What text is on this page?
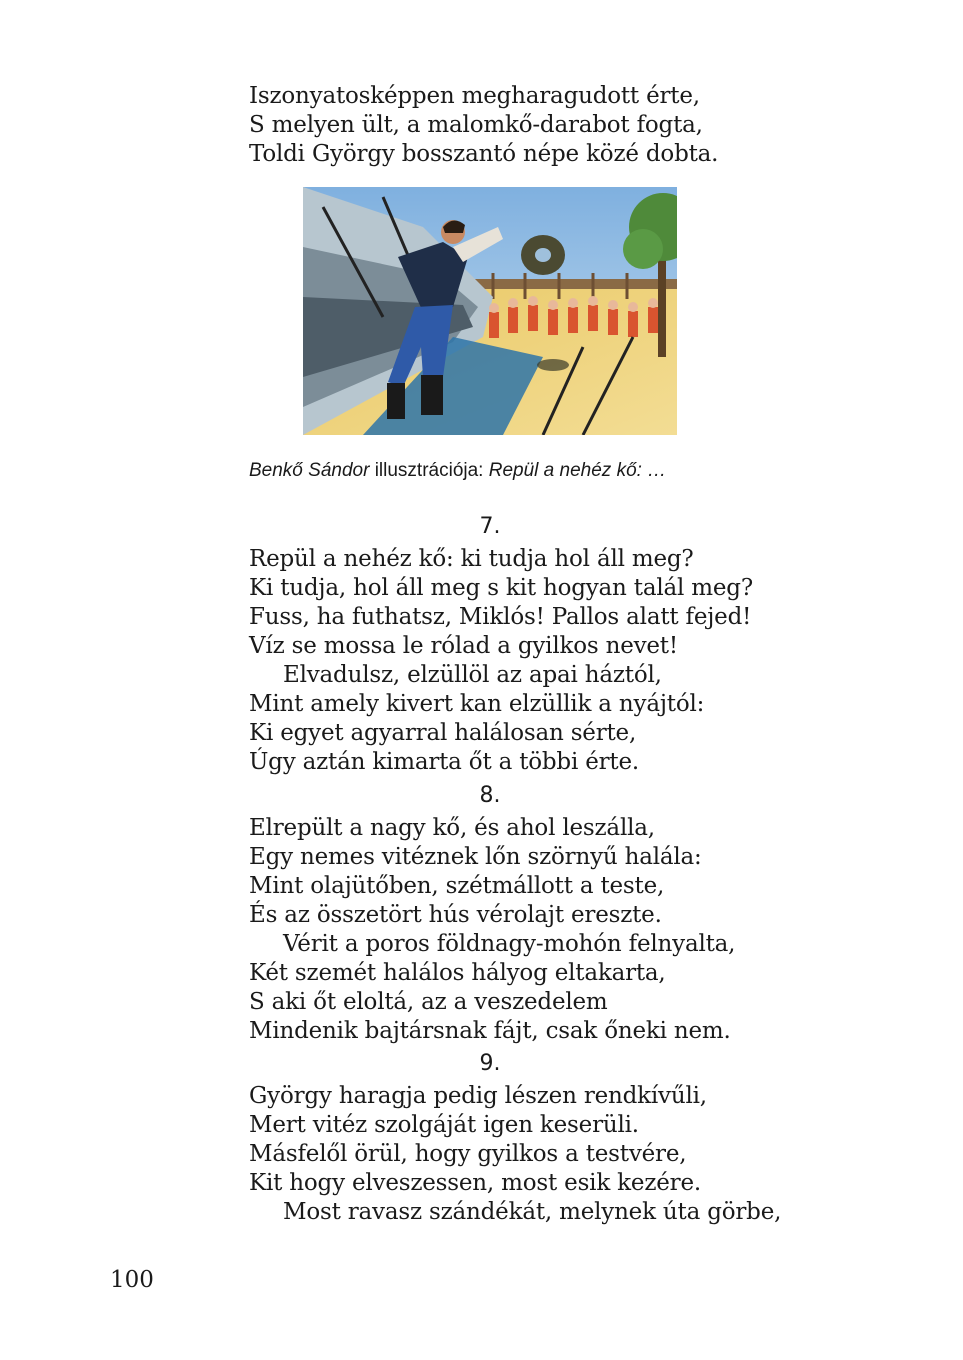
Iszonyatosképpen megharagudott érte,
S melyen ült, a malomkő-darabot fogta,
Toldi György bosszantó népe közé dobta.
Benkő Sándor illusztrációja: Repül a nehéz kő: …
7.
Repül a nehéz kő: ki tudja hol áll meg?
Ki tudja, hol áll meg s kit hogyan talál meg?
Fuss, ha futhatsz, Miklós! Pallos alatt fejed!
Víz se mossa le rólad a gyilkos nevet!
Elvadulsz, elzüllöl az apai háztól,
Mint amely kivert kan elzüllik a nyájtól:
Ki egyet agyarral halálosan sérte,
Úgy aztán kimarta őt a többi érte.
8.
Elrepült a nagy kő, és ahol leszálla,
Egy nemes vitéznek lőn szörnyű halála:
Mint olajütőben, szétmállott a teste,
És az összetört hús vérolajt ereszte.
Vérit a poros földnagy-mohón felnyalta,
Két szemét halálos hályog eltakarta,
S aki őt eloltá, az a veszedelem
Mindenik bajtársnak fájt, csak őneki nem.
9.
György haragja pedig lészen rendkívűli,
Mert vitéz szolgáját igen keserüli.
Másfelől örül, hogy gyilkos a testvére,
Kit hogy elveszessen, most esik kezére.
Most ravasz szándékát, melynek úta görbe,
100
